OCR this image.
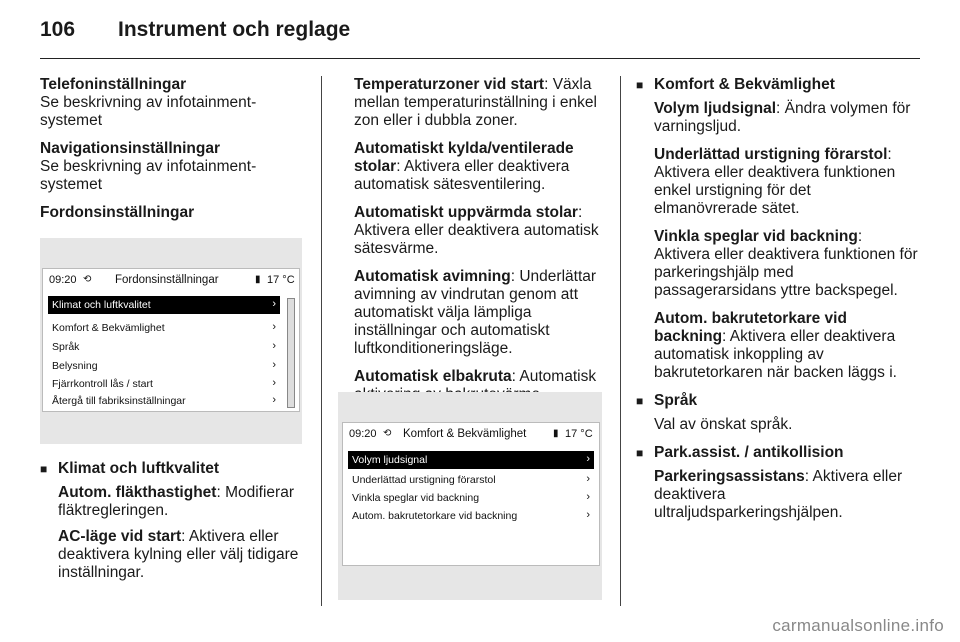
106 Instrument och reglage
Telefoninställningar

Se beskrivning av infotainment-systemet

Navigationsinställningar

Se beskrivning av infotainment-systemet

Fordonsinställningar
09:20 ⟲ Fordonsinställningar	▮ 17 °C
Klimat och luftkvalitet	›
Komfort & Bekvämlighet	›
Språk	›
Belysning	›
Fjärrkontroll lås / start	›
Återgå till fabriksinställningar	›
■ Klimat och luftkvalitet

Autom. fläkthastighet: Modifierar fläktregleringen.

AC-läge vid start: Aktivera eller deaktivera kylning eller välj tidigare inställningar.

Temperaturzoner vid start: Växla mellan temperaturinställning i enkel zon eller i dubbla zoner.

Automatiskt kylda/ventilerade stolar: Aktivera eller deaktivera automatisk sätesventilering.

Automatiskt uppvärmda stolar: Aktivera eller deaktivera automatisk sätesvärme.

Automatisk avimning: Underlättar avimning av vindrutan genom att automatiskt välja lämpliga inställningar och automatiskt luftkonditioneringsläge.

Automatisk elbakruta: Automatisk

09:20 ⟲ Komfort & Bekvämlighet	▮ 17 °C
Volym ljudsignal	›
Underlättad urstigning förarstol	›
Vinkla speglar vid backning	›
Autom. bakrutetorkare vid backning	›
■ Komfort & Bekvämlighet

Volym ljudsignal: Ändra volymen för varningsljud.

Underlättad urstigning förarstol: Aktivera eller deaktivera funktionen enkel urstigning för det elmanövrerade sätet.

Vinkla speglar vid backning: Aktivera eller deaktivera funktionen för parkeringshjälp med passagerarsidans yttre backspegel.

Autom. bakrutetorkare vid backning: Aktivera eller deaktivera automatisk inkoppling av bakrutetorkaren när backen läggs i.

■ Språk

Val av önskat språk.

■ Park.assist. / antikollision

Parkeringsassistans: Aktivera eller deaktivera ultraljudsparkeringshjälpen.

carmanualsonline.info
